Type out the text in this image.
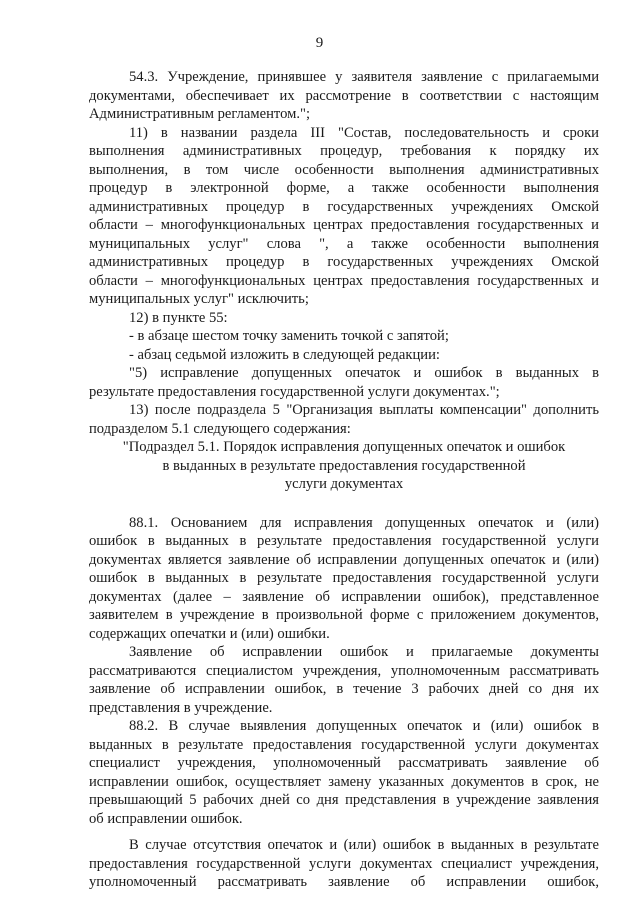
9
54.3. Учреждение, принявшее у заявителя заявление с прилагаемыми
документами, обеспечивает их рассмотрение в соответствии с настоящим
Административным регламентом.";
11) в названии раздела III "Состав, последовательность и сроки
выполнения административных процедур, требования к порядку их
выполнения, в том числе особенности выполнения административных
процедур в электронной форме, а также особенности выполнения
административных процедур в государственных учреждениях Омской
области – многофункциональных центрах предоставления государственных и
муниципальных услуг" слова ", а также особенности выполнения
административных процедур в государственных учреждениях Омской
области – многофункциональных центрах предоставления государственных и
муниципальных услуг" исключить;
12) в пункте 55:
- в абзаце шестом точку заменить точкой с запятой;
- абзац седьмой изложить в следующей редакции:
"5) исправление допущенных опечаток и ошибок в выданных в
результате предоставления государственной услуги документах.";
13) после подраздела 5 "Организация выплаты компенсации" дополнить
подразделом 5.1 следующего содержания:
"Подраздел 5.1. Порядок исправления допущенных опечаток и ошибок
в выданных в результате предоставления государственной
услуги документах
88.1. Основанием для исправления допущенных опечаток и (или)
ошибок в выданных в результате предоставления государственной услуги
документах является заявление об исправлении допущенных опечаток и (или)
ошибок в выданных в результате предоставления государственной услуги
документах (далее – заявление об исправлении ошибок), представленное
заявителем в учреждение в произвольной форме с приложением документов,
содержащих опечатки и (или) ошибки.
Заявление об исправлении ошибок и прилагаемые документы
рассматриваются специалистом учреждения, уполномоченным рассматривать
заявление об исправлении ошибок, в течение 3 рабочих дней со дня их
представления в учреждение.
88.2. В случае выявления допущенных опечаток и (или) ошибок в
выданных в результате предоставления государственной услуги документах
специалист учреждения, уполномоченный рассматривать заявление об
исправлении ошибок, осуществляет замену указанных документов в срок, не
превышающий 5 рабочих дней со дня представления в учреждение заявления
об исправлении ошибок.
В случае отсутствия опечаток и (или) ошибок в выданных в результате
предоставления государственной услуги документах специалист учреждения,
уполномоченный рассматривать заявление об исправлении ошибок,
